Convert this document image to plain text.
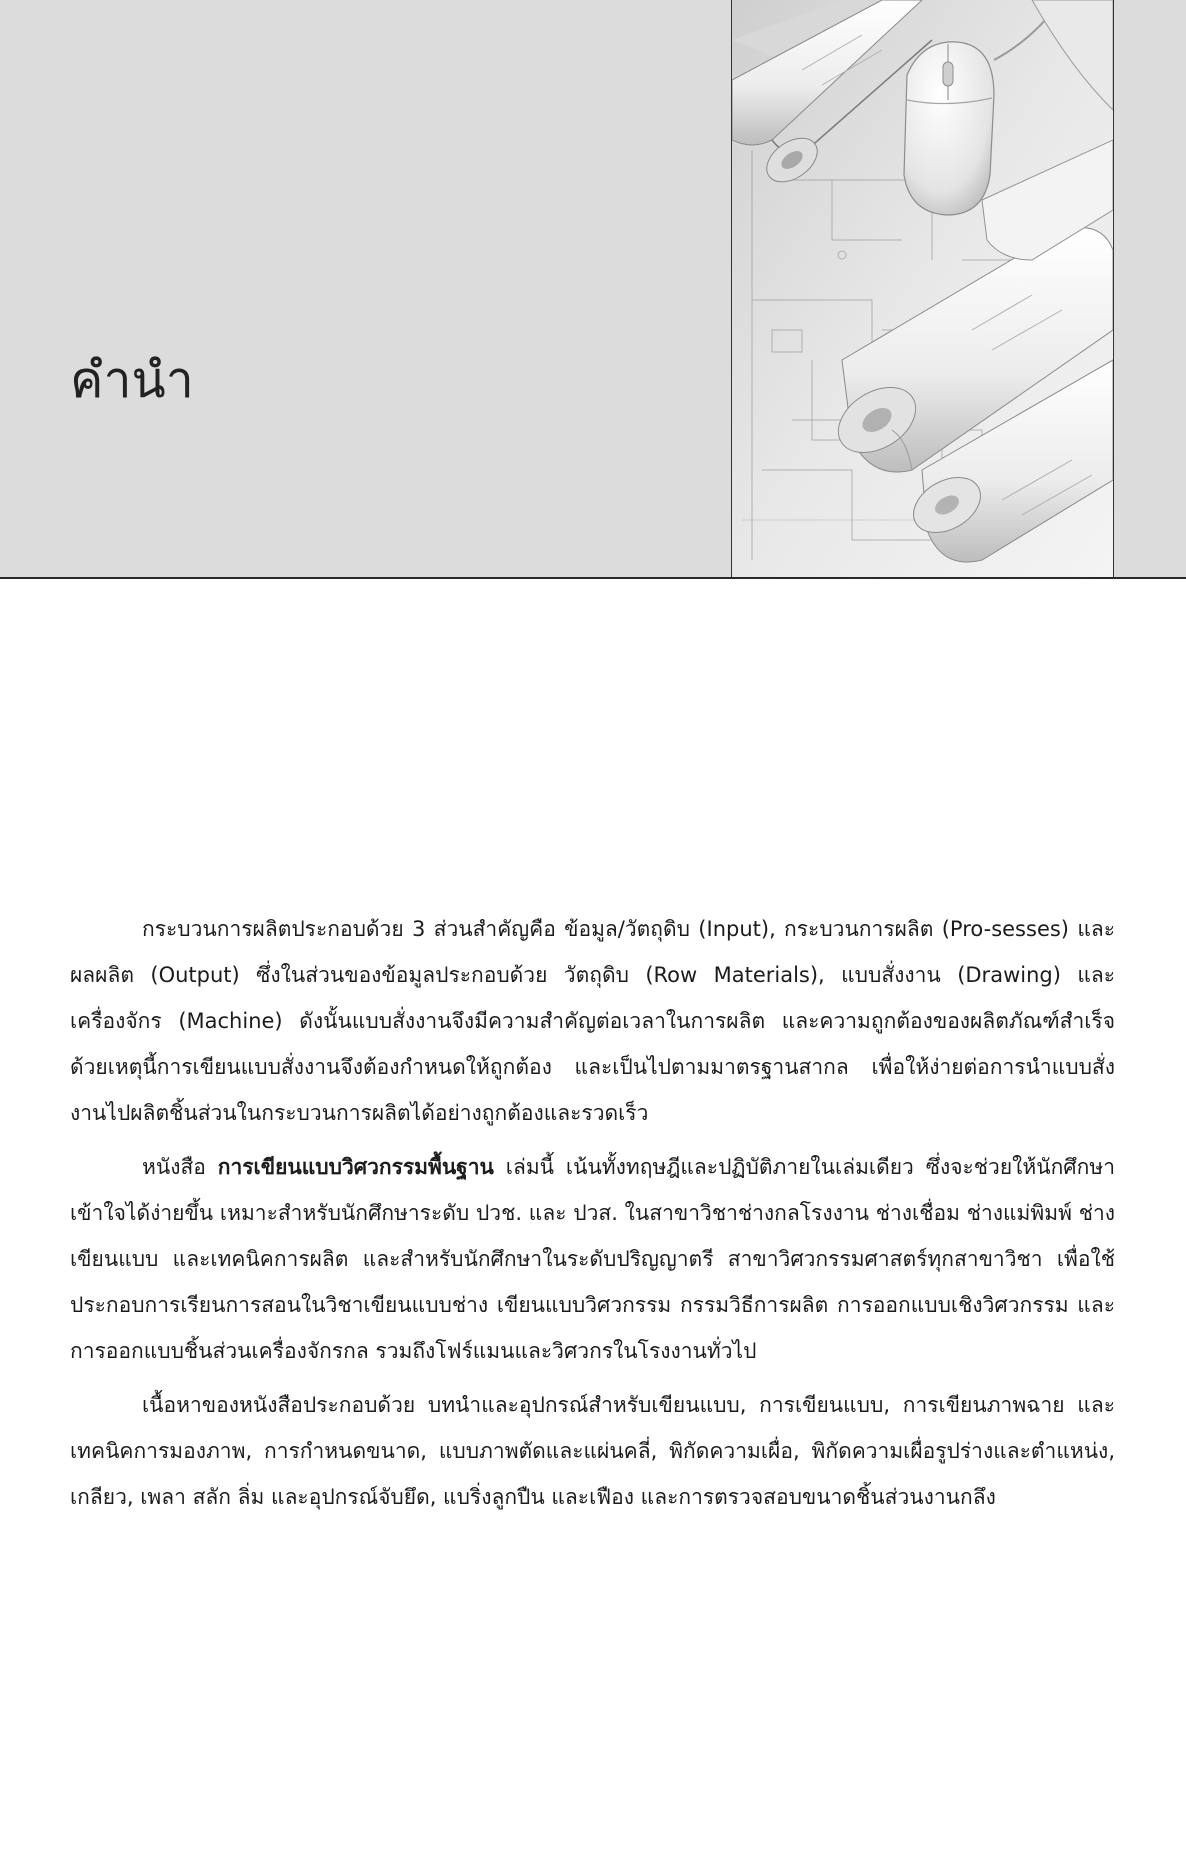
คำนำ

กระบวนการผลิตประกอบด้วย 3 ส่วนสำคัญคือ ข้อมูล/วัตถุดิบ (Input), กระบวนการผลิต (Pro-sesses) และผลผลิต (Output) ซึ่งในส่วนของข้อมูลประกอบด้วย วัตถุดิบ (Row Materials), แบบสั่งงาน (Drawing) และเครื่องจักร (Machine) ดังนั้นแบบสั่งงานจึงมีความสำคัญต่อเวลาในการผลิต และความถูกต้องของผลิตภัณฑ์สำเร็จ ด้วยเหตุนี้การเขียนแบบสั่งงานจึงต้องกำหนดให้ถูกต้อง และเป็นไปตามมาตรฐานสากล เพื่อให้ง่ายต่อการนำแบบสั่งงานไปผลิตชิ้นส่วนในกระบวนการผลิตได้อย่างถูกต้องและรวดเร็ว

หนังสือ การเขียนแบบวิศวกรรมพื้นฐาน เล่มนี้ เน้นทั้งทฤษฎีและปฏิบัติภายในเล่มเดียว ซึ่งจะช่วยให้นักศึกษาเข้าใจได้ง่ายขึ้น เหมาะสำหรับนักศึกษาระดับ ปวช. และ ปวส. ในสาขาวิชาช่างกลโรงงาน ช่างเชื่อม ช่างแม่พิมพ์ ช่างเขียนแบบ และเทคนิคการผลิต และสำหรับนักศึกษาในระดับปริญญาตรี สาขาวิศวกรรมศาสตร์ทุกสาขาวิชา เพื่อใช้ประกอบการเรียนการสอนในวิชาเขียนแบบช่าง เขียนแบบวิศวกรรม กรรมวิธีการผลิต การออกแบบเชิงวิศวกรรม และการออกแบบชิ้นส่วนเครื่องจักรกล รวมถึงโฟร์แมนและวิศวกรในโรงงานทั่วไป

เนื้อหาของหนังสือประกอบด้วย บทนำและอุปกรณ์สำหรับเขียนแบบ, การเขียนแบบ, การเขียนภาพฉาย และเทคนิคการมองภาพ, การกำหนดขนาด, แบบภาพตัดและแผ่นคลี่, พิกัดความเผื่อ, พิกัดความเผื่อรูปร่างและตำแหน่ง, เกลียว, เพลา สลัก ลิ่ม และอุปกรณ์จับยึด, แบริ่งลูกปืน และเฟือง และการตรวจสอบขนาดชิ้นส่วนงานกลึง
